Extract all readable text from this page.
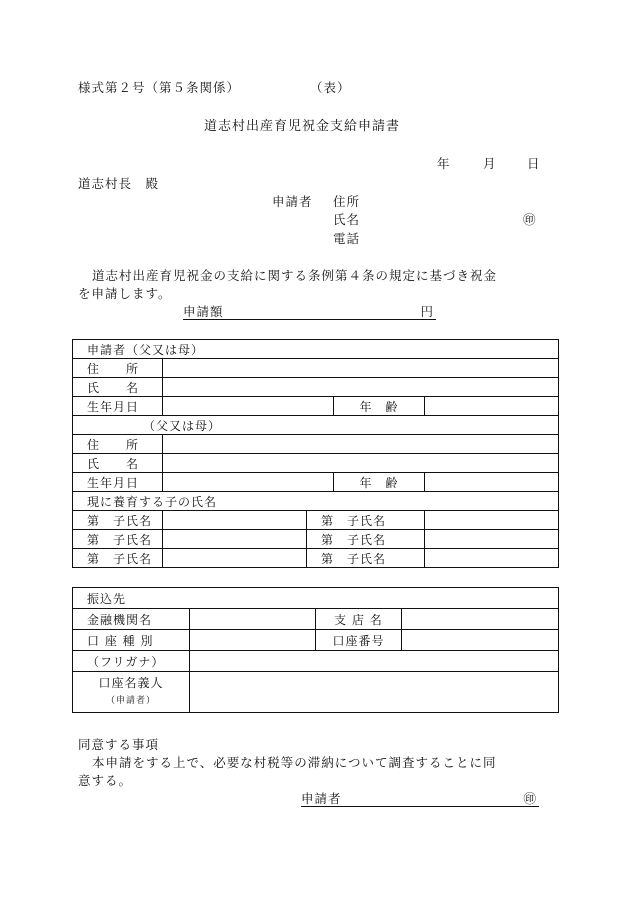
様式第２号（第５条関係）	（表）
道志村出産育児祝金支給申請書
年	月 日
道志村長　殿
申請者 住所
氏名	㊞
電話
道志村出産育児祝金の支給に関する条例第４条の規定に基づき祝金
を申請します。
申請額	円
申請者（父又は母）				
住　　所				
氏　　名				
生年月日			年　齢	
（父又は母）				
住　　所				
氏　　名				
生年月日			年　齢	
現に養育する子の氏名				
第　子氏名		第　子氏名		
第　子氏名		第　子氏名		
第　子氏名		第　子氏名		
振込先			
金融機関名		支 店 名	
口 座 種 別		口座番号	
（フリガナ）			

口座名義人
（申請者）			

同意する事項
本申請をする上で、必要な村税等の滞納について調査することに同
意する。
申請者	㊞
